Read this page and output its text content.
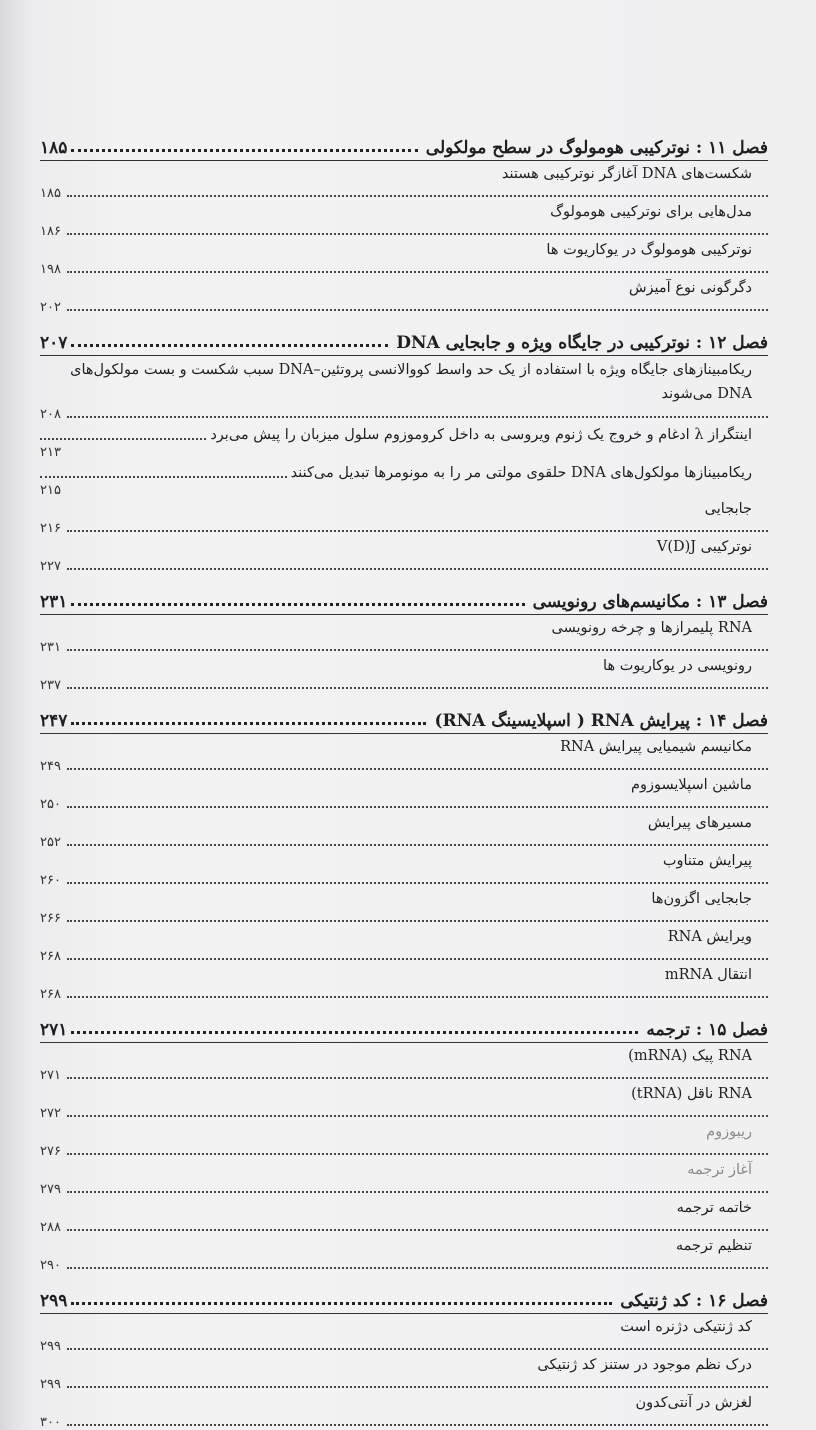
فصل ۱۱ : نوترکیبی هومولوگ در سطح مولکولی
۱۸۵
شکست‌های DNA آغازگر نوترکیبی هستند
۱۸۵
مدل‌هایی برای نوترکیبی هومولوگ
۱۸۶
نوترکیبی هومولوگ در یوکاریوت ها
۱۹۸
دگرگونی نوع آمیزش
۲۰۲
فصل ۱۲ : نوترکیبی در جایگاه ویژه و جابجایی DNA
۲۰۷
ریکامبینازهای جایگاه ویژه با استفاده از یک حد واسط کووالانسی پروتئین–DNA سبب شکست و بست مولکول‌های DNA می‌شوند
۲۰۸
اینتگراز λ ادغام و خروج یک ژنوم ویروسی به داخل کروموزوم سلول میزبان را پیش می‌برد
۲۱۳
ریکامبینازها مولکول‌های DNA حلقوی مولتی مر را به مونومرها تبدیل می‌کنند
۲۱۵
جابجایی
۲۱۶
نوترکیبی V(D)J
۲۲۷
فصل ۱۳ : مکانیسم‌های رونویسی
۲۳۱
RNA پلیمرازها و چرخه رونویسی
۲۳۱
رونویسی در یوکاریوت ها
۲۳۷
فصل ۱۴ : پیرایش RNA ( اسپلایسینگ RNA)
۲۴۷
مکانیسم شیمیایی پیرایش RNA
۲۴۹
ماشین اسپلایسوزوم
۲۵۰
مسیرهای پیرایش
۲۵۲
پیرایش متناوب
۲۶۰
جابجایی اگزون‌ها
۲۶۶
ویرایش RNA
۲۶۸
انتقال mRNA
۲۶۸
فصل ۱۵ : ترجمه
۲۷۱
RNA پیک (mRNA)
۲۷۱
RNA ناقل (tRNA)
۲۷۲
ریبوزوم
۲۷۶
آغاز ترجمه
۲۷۹
خاتمه ترجمه
۲۸۸
تنظیم ترجمه
۲۹۰
فصل ۱۶ : کد ژنتیکی
۲۹۹
کد ژنتیکی دژنره است
۲۹۹
درک نظم موجود در ستنز کد ژنتیکی
۲۹۹
لغزش در آنتی‌کدون
۳۰۰
